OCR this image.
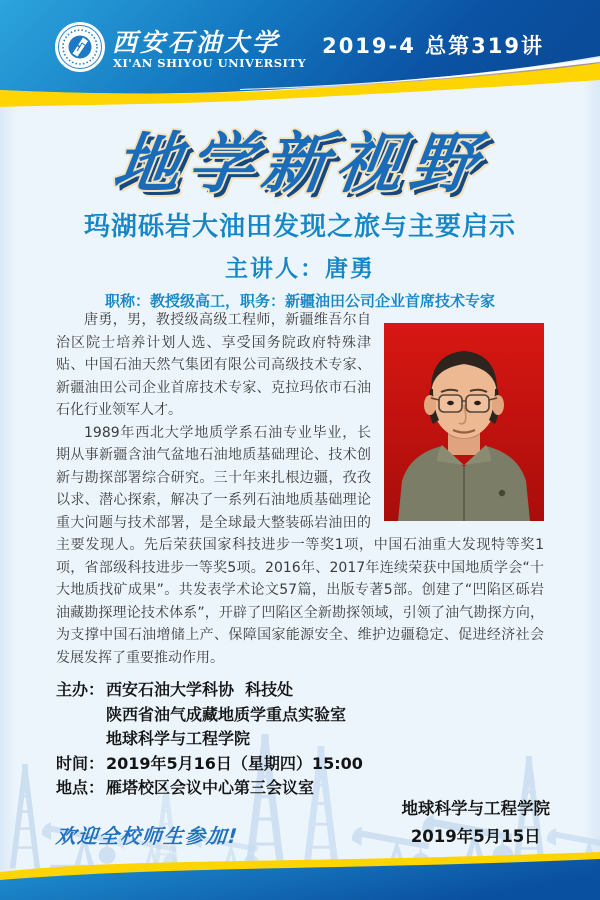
西安石油大学
XI'AN SHIYOU UNIVERSITY
2019-4 总第319讲
地学新视野
玛湖砾岩大油田发现之旅与主要启示
主讲人：唐勇
职称：教授级高工，职务：新疆油田公司企业首席技术专家

唐勇，男，教授级高级工程师，新疆维吾尔自治区院士培养计划人选、享受国务院政府特殊津贴、中国石油天然气集团有限公司高级技术专家、新疆油田公司企业首席技术专家、克拉玛依市石油石化行业领军人才。

1989年西北大学地质学系石油专业毕业，长期从事新疆含油气盆地石油地质基础理论、技术创新与勘探部署综合研究。三十年来扎根边疆，孜孜以求、潜心探索，解决了一系列石油地质基础理论重大问题与技术部署，是全球最大整装砾岩油田的主要发现人。先后荣获国家科技进步一等奖1项，中国石油重大发现特等奖1项，省部级科技进步一等奖5项。2016年、2017年连续荣获中国地质学会“十大地质找矿成果”。共发表学术论文57篇，出版专著5部。创建了“凹陷区砾岩油藏勘探理论技术体系”，开辟了凹陷区全新勘探领域，引领了油气勘探方向，为支撑中国石油增储上产、保障国家能源安全、维护边疆稳定、促进经济社会发展发挥了重要推动作用。

主办： 西安石油大学科协  科技处
陕西省油气成藏地质学重点实验室
地球科学与工程学院
时间： 2019年5月16日（星期四）15:00
地点： 雁塔校区会议中心第三会议室
地球科学与工程学院
2019年5月15日
欢迎全校师生参加!
